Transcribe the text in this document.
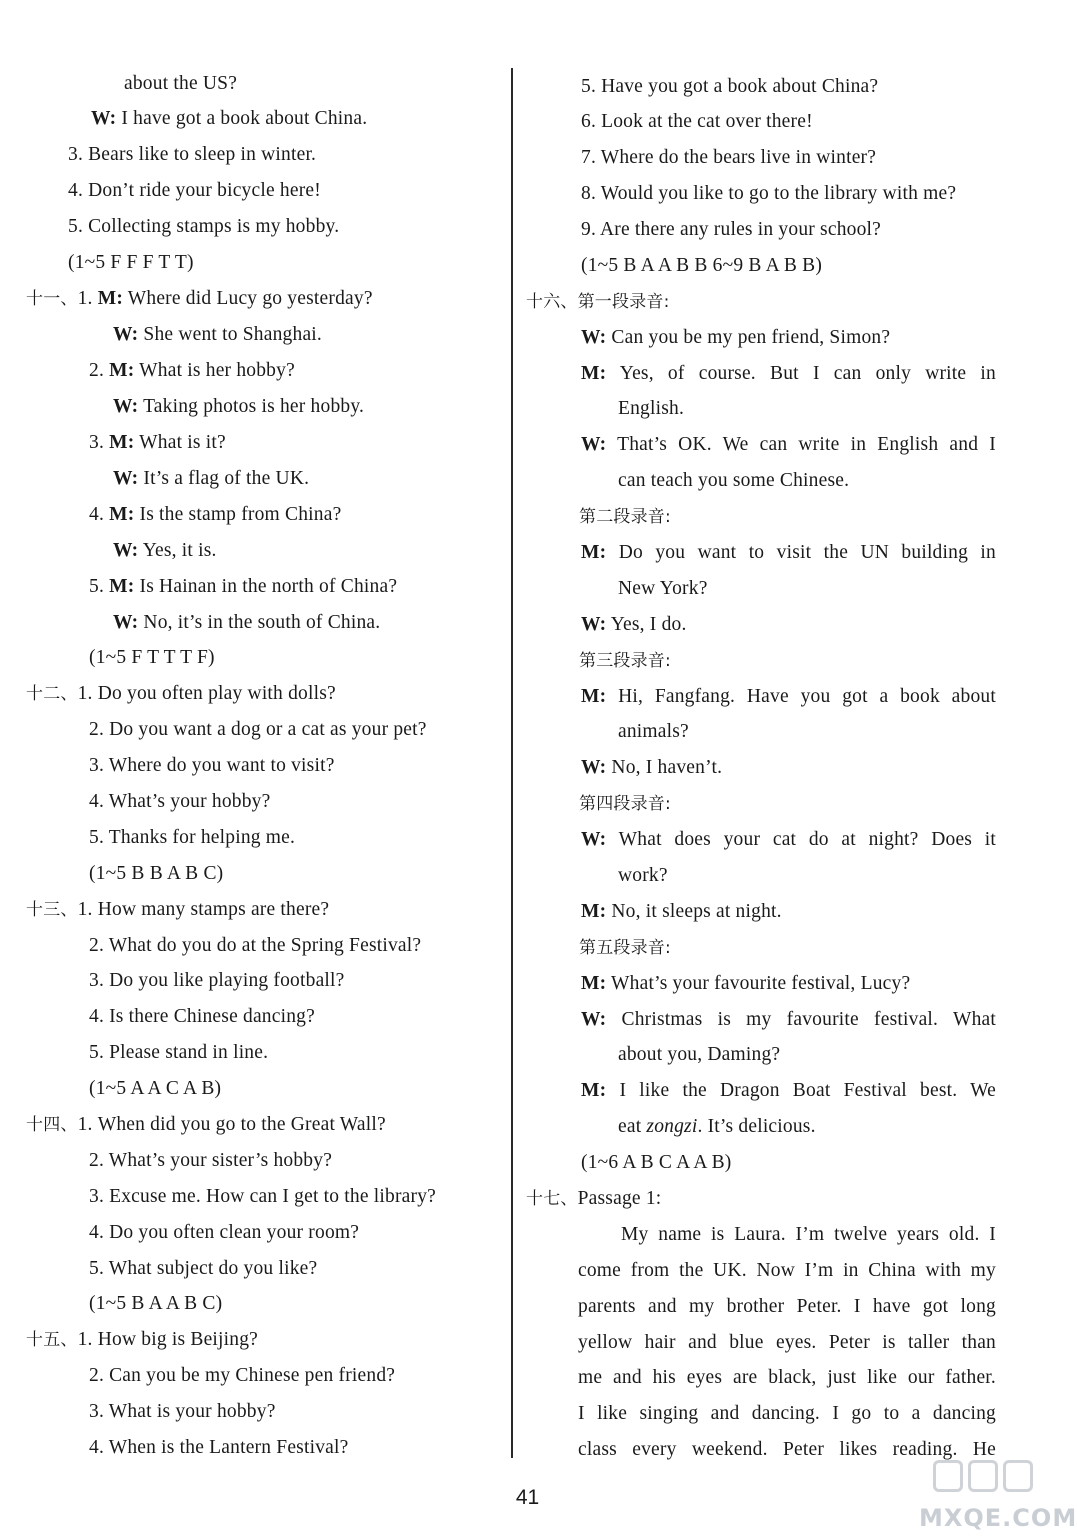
about the US?
W: I have got a book about China.
3. Bears like to sleep in winter.
4. Don’t ride your bicycle here!
5. Collecting stamps is my hobby.
(1~5 F F F T T)
十一、1. M: Where did Lucy go yesterday?
W: She went to Shanghai.
2. M: What is her hobby?
W: Taking photos is her hobby.
3. M: What is it?
W: It’s a flag of the UK.
4. M: Is the stamp from China?
W: Yes, it is.
5. M: Is Hainan in the north of China?
W: No, it’s in the south of China.
(1~5 F T T T F)
十二、1. Do you often play with dolls?
2. Do you want a dog or a cat as your pet?
3. Where do you want to visit?
4. What’s your hobby?
5. Thanks for helping me.
(1~5 B B A B C)
十三、1. How many stamps are there?
2. What do you do at the Spring Festival?
3. Do you like playing football?
4. Is there Chinese dancing?
5. Please stand in line.
(1~5 A A C A B)
十四、1. When did you go to the Great Wall?
2. What’s your sister’s hobby?
3. Excuse me. How can I get to the library?
4. Do you often clean your room?
5. What subject do you like?
(1~5 B A A B C)
十五、1. How big is Beijing?
2. Can you be my Chinese pen friend?
3. What is your hobby?
4. When is the Lantern Festival?
5. Have you got a book about China?
6. Look at the cat over there!
7. Where do the bears live in winter?
8. Would you like to go to the library with me?
9. Are there any rules in your school?
(1~5 B A A B B 6~9 B A B B)
十六、第一段录音:
W: Can you be my pen friend, Simon?
M: Yes, of course. But I can only write in
English.
W: That’s OK. We can write in English and I
can teach you some Chinese.
第二段录音:
M: Do you want to visit the UN building in
New York?
W: Yes, I do.
第三段录音:
M: Hi, Fangfang. Have you got a book about
animals?
W: No, I haven’t.
第四段录音:
W: What does your cat do at night? Does it
work?
M: No, it sleeps at night.
第五段录音:
M: What’s your favourite festival, Lucy?
W: Christmas is my favourite festival. What
about you, Daming?
M: I like the Dragon Boat Festival best. We
eat zongzi. It’s delicious.
(1~6 A B C A A B)
十七、Passage 1:
My name is Laura. I’m twelve years old. I
come from the UK. Now I’m in China with my
parents and my brother Peter. I have got long
yellow hair and blue eyes. Peter is taller than
me and his eyes are black, just like our father.
I like singing and dancing. I go to a dancing
class every weekend. Peter likes reading. He
41
MXQE.COM
